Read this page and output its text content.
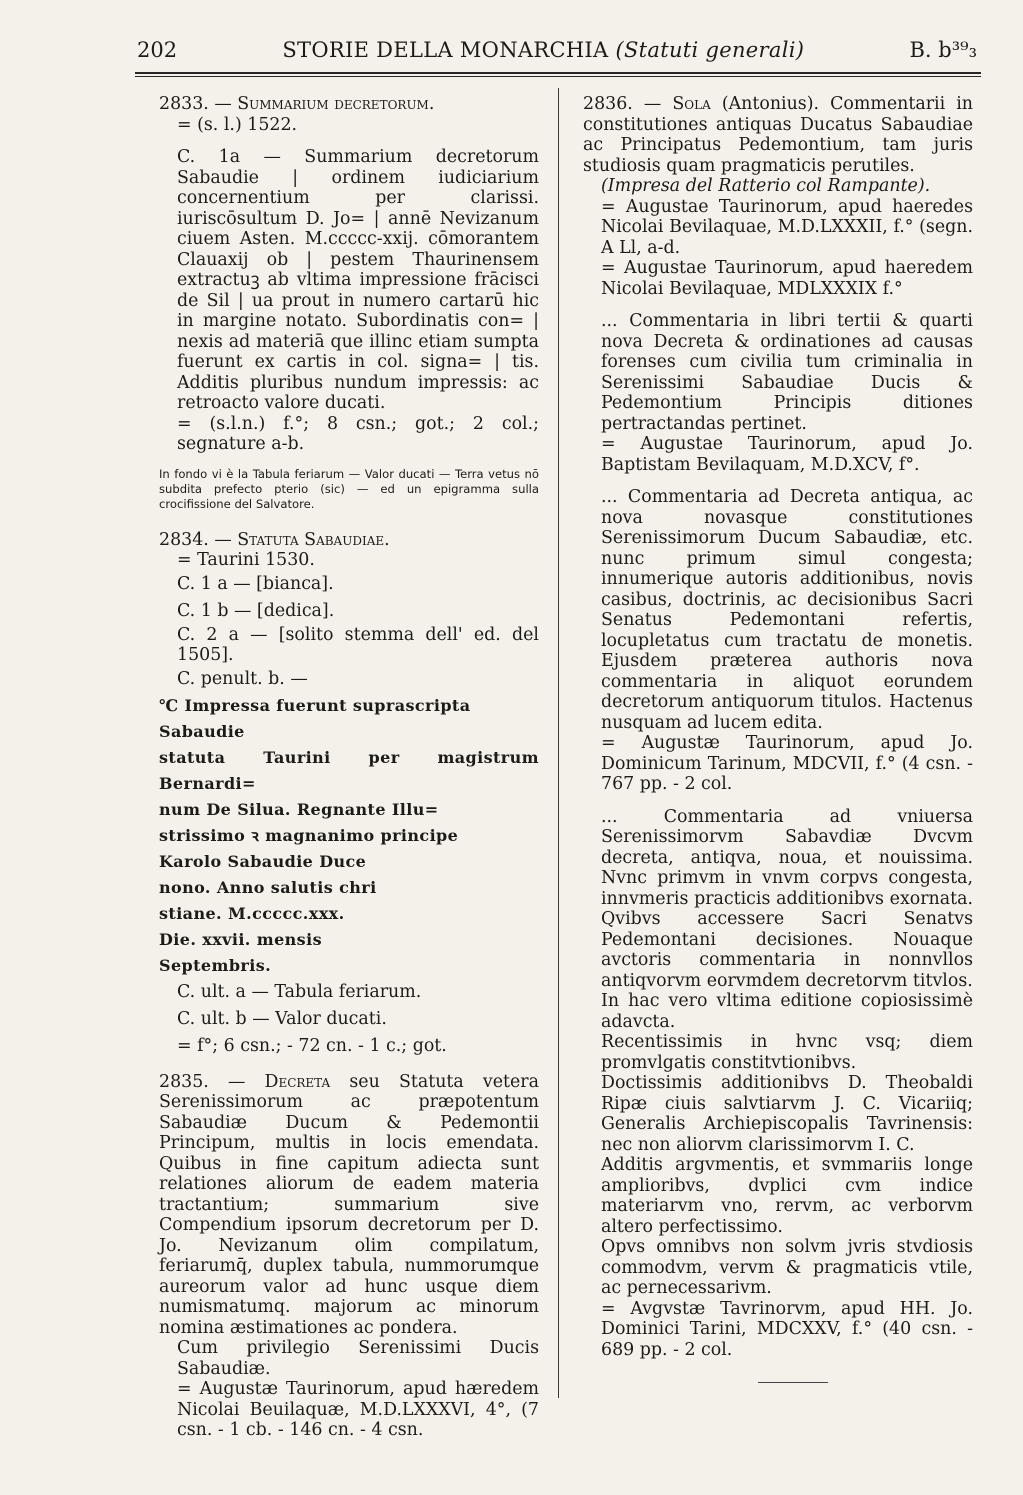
202	STORIE DELLA MONARCHIA (Statuti generali)	B. b³⁹₃

2833. — Summarium decretorum.

= (s. l.) 1522.

C. 1a — Summarium decretorum Sabaudie | ordinem iudiciarium concernentium per clarissi. iuriscōsultum D. Jo= | annē Nevizanum ciuem Asten. M.ccccc-xxij. cōmorantem Clauaxij ob | pestem Thaurinensem extractuꝫ ab vltima impressione frācisci de Sil | ua prout in numero cartarū hic in margine notato. Subordinatis con= | nexis ad materiā que illinc etiam sumpta fuerunt ex cartis in col. signa= | tis. Additis pluribus nundum impressis: ac retroacto valore ducati.

= (s.l.n.) f.°; 8 csn.; got.; 2 col.; segnature a-b.

In fondo vi è la Tabula feriarum — Valor ducati — Terra vetus nō subdita prefecto pterio (sic) — ed un epigramma sulla crocifissione del Salvatore.

2834. — Statuta Sabaudiae.

= Taurini 1530.

C. 1 a — [bianca].

C. 1 b — [dedica].

C. 2 a — [solito stemma dell' ed. del 1505].

C. penult. b. —

℃ Impressa fuerunt suprascripta Sabaudie

statuta Taurini per magistrum Bernardi=

num De Silua. Regnante Illu=

strissimo ꝛ magnanimo principe

Karolo Sabaudie Duce

nono. Anno salutis chri

stiane. M.ccccc.xxx.

Die. xxvii. mensis

Septembris.

C. ult. a — Tabula feriarum.

C. ult. b — Valor ducati.

= f°; 6 csn.; - 72 cn. - 1 c.; got.

2835. — Decreta seu Statuta vetera Serenissimorum ac præpotentum Sabaudiæ Ducum & Pedemontii Principum, multis in locis emendata. Quibus in fine capitum adiecta sunt relationes aliorum de eadem materia tractantium; summarium sive Compendium ipsorum decretorum per D. Jo. Nevizanum olim compilatum, feriarumq̄, duplex tabula, nummorumque aureorum valor ad hunc usque diem numismatumq. majorum ac minorum nomina æstimationes ac pondera.

Cum privilegio Serenissimi Ducis Sabaudiæ.

= Augustæ Taurinorum, apud hæredem Nicolai Beuilaquæ, M.D.LXXXVI, 4°, (7 csn. - 1 cb. - 146 cn. - 4 csn.

2836. — Sola (Antonius). Commentarii in constitutiones antiquas Ducatus Sabaudiae ac Principatus Pedemontium, tam juris studiosis quam pragmaticis perutiles.

(Impresa del Ratterio col Rampante).

= Augustae Taurinorum, apud haeredes Nicolai Bevilaquae, M.D.LXXXII, f.° (segn. A Ll, a-d.

= Augustae Taurinorum, apud haeredem Nicolai Bevilaquae, MDLXXXIX f.°

... Commentaria in libri tertii & quarti nova Decreta & ordinationes ad causas forenses cum civilia tum criminalia in Serenissimi Sabaudiae Ducis & Pedemontium Principis ditiones pertractandas pertinet.

= Augustae Taurinorum, apud Jo. Baptistam Bevilaquam, M.D.XCV, f°.

... Commentaria ad Decreta antiqua, ac nova novasque constitutiones Serenissimorum Ducum Sabaudiæ, etc. nunc primum simul congesta; innumerique autoris additionibus, novis casibus, doctrinis, ac decisionibus Sacri Senatus Pedemontani refertis, locupletatus cum tractatu de monetis. Ejusdem præterea authoris nova commentaria in aliquot eorundem decretorum antiquorum titulos. Hactenus nusquam ad lucem edita.

= Augustæ Taurinorum, apud Jo. Dominicum Tarinum, MDCVII, f.° (4 csn. - 767 pp. - 2 col.

... Commentaria ad vniuersa Serenissimorvm Sabavdiæ Dvcvm decreta, antiqva, noua, et nouissima. Nvnc primvm in vnvm corpvs congesta, innvmeris practicis additionibvs exornata. Qvibvs accessere Sacri Senatvs Pedemontani decisiones. Nouaque avctoris commentaria in nonnvllos antiqvorvm eorvmdem decretorvm titvlos.

In hac vero vltima editione copiosissimè adavcta.

Recentissimis in hvnc vsq; diem promvlgatis constitvtionibvs.

Doctissimis additionibvs D. Theobaldi Ripæ ciuis salvtiarvm J. C. Vicariiq; Generalis Archiepiscopalis Tavrinensis: nec non aliorvm clarissimorvm I. C.

Additis argvmentis, et svmmariis longe amplioribvs, dvplici cvm indice materiarvm vno, rervm, ac verborvm altero perfectissimo.

Opvs omnibvs non solvm jvris stvdiosis commodvm, vervm & pragmaticis vtile, ac pernecessarivm.

= Avgvstæ Tavrinorvm, apud HH. Jo. Dominici Tarini, MDCXXV, f.° (40 csn. - 689 pp. - 2 col.
